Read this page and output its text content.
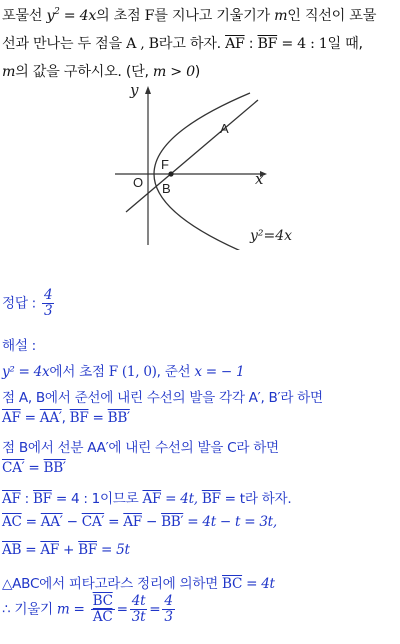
포물선 $y^2 = 4x$의 초점 F를 지나고 기울기가 m인 직선이 포물
선과 만나는 두 점을 A , B라고 하자. $\overline{AF}$ : $\overline{BF} = 4$ : 1일 때,
m의 값을 구하시오. (단, m > 0)
y
x
O
F
B
A
y²=4x
정답 : $\frac{4}{3}$
해설 :
y² = 4x에서 초점 F (1, 0), 준선 x = − 1
점 A, B에서 준선에 내린 수선의 발을 각각 A′, B′라 하면
$\overline{AF} = AA'$, $\overline{BF} = BB'$
점 B에서 선분 AA′에 내린 수선의 발을 C라 하면
CA′ = BB′
$\overline{AF}$ : $\overline{BF} = 4$ : 1이므로 $\overline{AF} = 4t$, $\overline{BF} = t$라 하자.
$\overline{AC} = AA' - CA' = \overline{AF} - BB' = 4t - t = 3t$,
$\overline{AB} = \overline{AF} + \overline{BF} = 5t$
△ABC에서 피타고라스 정리에 의하면 $\overline{BC} = 4t$
∴ 기울기 $m = \frac{\overline{BC}}{AC} = \frac{4t}{3t} = \frac{4}{3}$
